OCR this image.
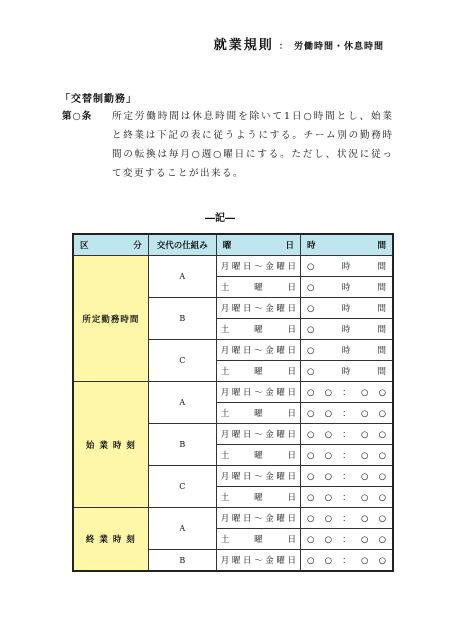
就業規則 ： 労働時間・休息時間
「交替制勤務」
第○条 所定労働時間は休息時間を除いて1日○時間とし、始業
と終業は下記の表に従うようにする。チーム別の勤務時
間の転換は毎月○週○曜日にする。ただし、状況に従っ
て変更することが出来る。
―記―
区 分	交代の仕組み	曜 日	時 間

所定勤務時間	A	月曜日～金曜日	○　　時　　間

		土 曜 日	○　　時　　間

	B	月曜日～金曜日	○　　時　　間

		土 曜 日	○　　時　　間

	C	月曜日～金曜日	○　　時　　間

		土 曜 日	○　　時　　間

始 業 時 刻	A	月曜日～金曜日	○ ○ ： ○ ○

		土 曜 日	○ ○ ： ○ ○

	B	月曜日～金曜日	○ ○ ： ○ ○

		土 曜 日	○ ○ ： ○ ○

	C	月曜日～金曜日	○ ○ ： ○ ○

		土 曜 日	○ ○ ： ○ ○

終 業 時 刻	A	月曜日～金曜日	○ ○ ： ○ ○

		土 曜 日	○ ○ ： ○ ○

	B	月曜日～金曜日	○ ○ ： ○ ○
